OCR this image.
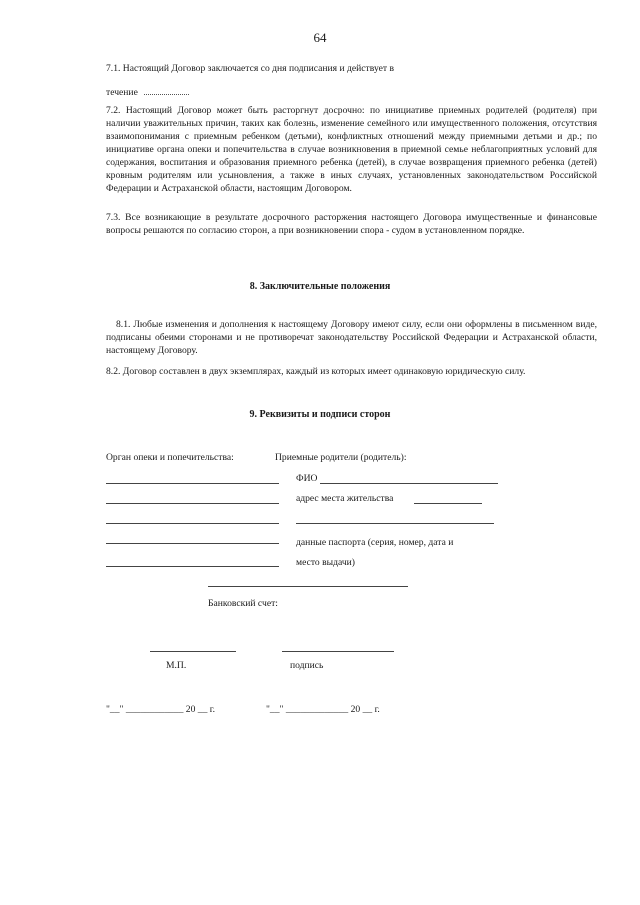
64
7.1. Настоящий Договор заключается со дня подписания и действует в
течение
7.2. Настоящий Договор может быть расторгнут досрочно: по инициативе приемных родителей (родителя) при наличии уважительных причин, таких как болезнь, изменение семейного или имущественного положения, отсутствия взаимопонимания с приемным ребенком (детьми), конфликтных отношений между приемными детьми и др.; по инициативе органа опеки и попечительства в случае возникновения в приемной семье неблагоприятных условий для содержания, воспитания и образования приемного ребенка (детей), в случае возвращения приемного ребенка (детей) кровным родителям или усыновления, а также в иных случаях, установленных законодательством Российской Федерации и Астраханской области, настоящим Договором.
7.3. Все возникающие в результате досрочного расторжения настоящего Договора имущественные и финансовые вопросы решаются по согласию сторон, а при возникновении спора - судом в установленном порядке.
8. Заключительные положения
8.1. Любые изменения и дополнения к настоящему Договору имеют силу, если они оформлены в письменном виде, подписаны обеими сторонами и не противоречат законодательству Российской Федерации и Астраханской области, настоящему Договору.
8.2. Договор составлен в двух экземплярах, каждый из которых имеет одинаковую юридическую силу.
9. Реквизиты и подписи сторон
Орган опеки и попечительства:	Приемные родители (родитель):
ФИО
адрес места жительства
данные паспорта (серия, номер, дата и
место выдачи)
Банковский счет:
М.П.	подпись
"__" ____________ 20 __ г.	"__" _____________ 20 __ г.
